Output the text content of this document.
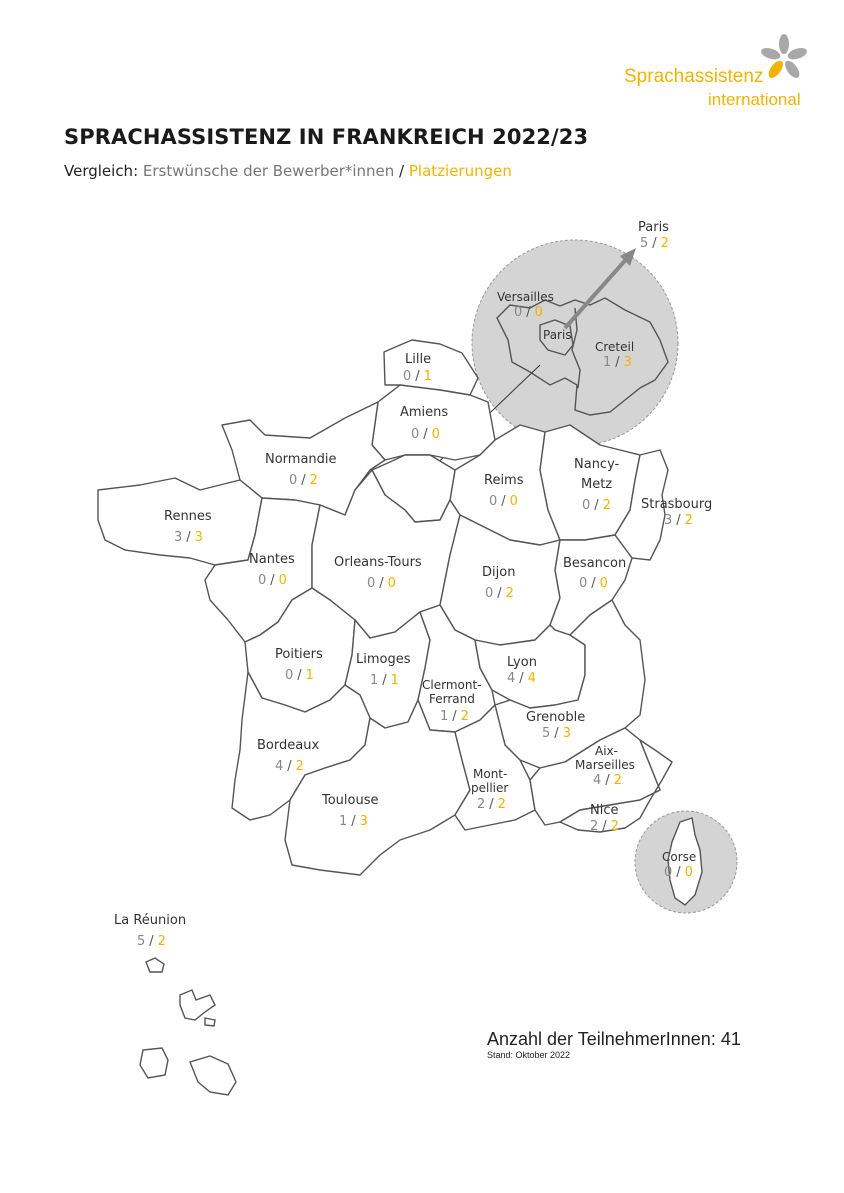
Sprachassistenz
international
SPRACHASSISTENZ IN FRANKREICH 2022/23
Vergleich: Erstwünsche der Bewerber*innen / Platzierungen
Paris
5 / 2
Versailles
0 / 0
Paris
Creteil
1 / 3
Lille
0 / 1
Amiens
0 / 0
Normandie
0 / 2	Reims
0 / 0
Nancy-
Metz
0 / 2 Strasbourg
3 / 2
Rennes
3 / 3
Nantes
0 / 0
Orleans-Tours
0 / 0
Dijon
0 / 2
Besancon
0 / 0
Poitiers
0 / 1
Limoges
1 / 1 Clermont-
Ferrand
1 / 2
Lyon
4 / 4
Grenoble
5 / 3
Bordeaux
4 / 2
Aix-
Marseilles
4 / 2
Mont-
pellier
2 / 2
Toulouse
1 / 3
Nice
2 / 2
Corse
0 / 0
La Réunion
5 / 2
Anzahl der TeilnehmerInnen: 41
Stand: Oktober 2022
